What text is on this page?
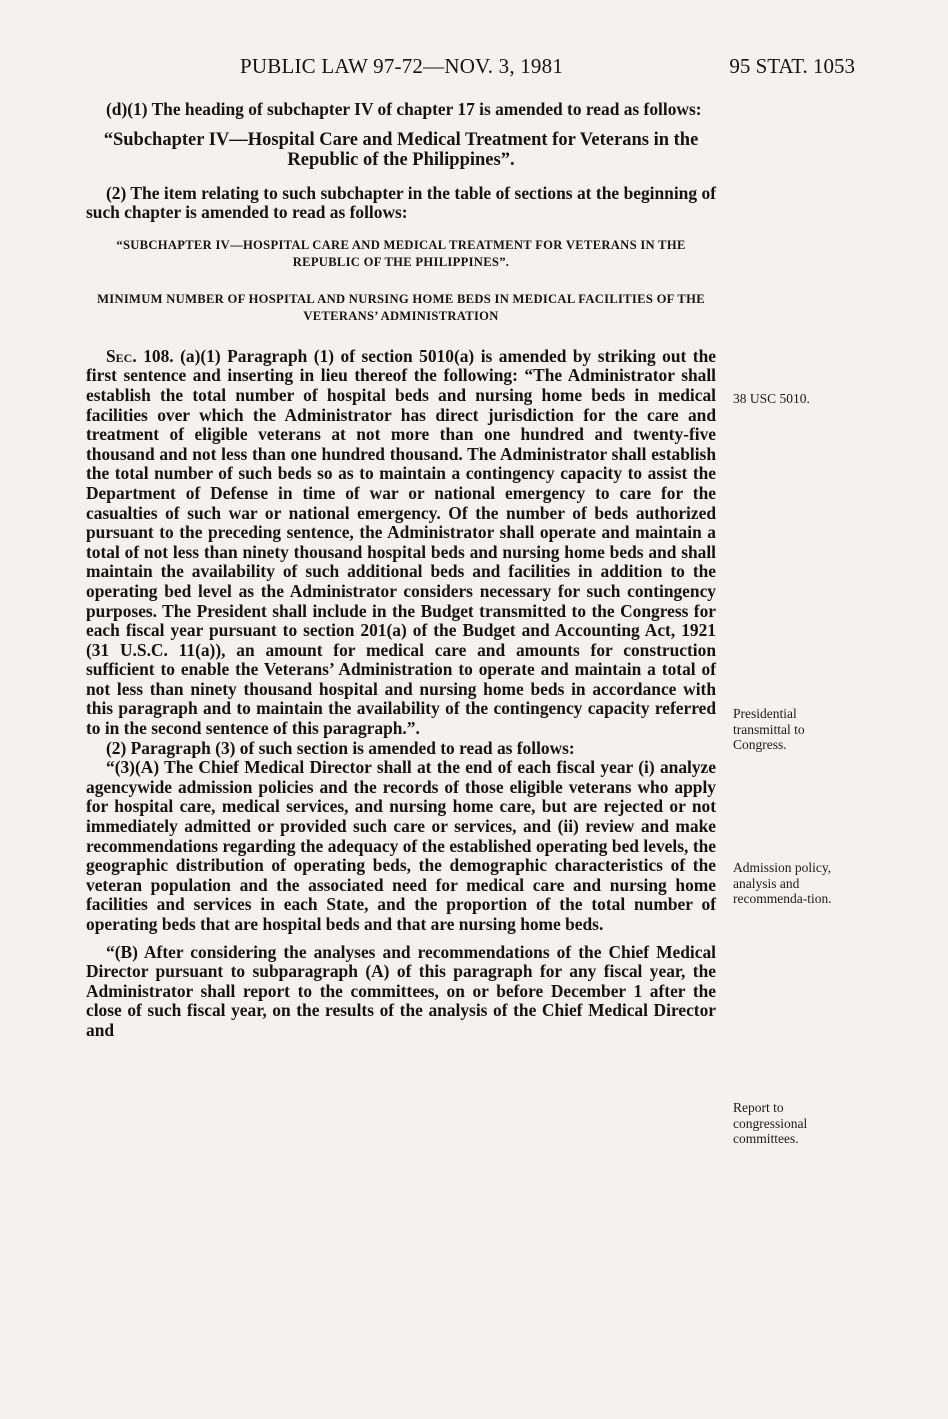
PUBLIC LAW 97-72—NOV. 3, 1981	95 STAT. 1053

(d)(1) The heading of subchapter IV of chapter 17 is amended to read as follows:

“Subchapter IV—Hospital Care and Medical Treatment for Veterans in the Republic of the Philippines”.

(2) The item relating to such subchapter in the table of sections at the beginning of such chapter is amended to read as follows:

“SUBCHAPTER IV—HOSPITAL CARE AND MEDICAL TREATMENT FOR VETERANS IN THE REPUBLIC OF THE PHILIPPINES”.

MINIMUM NUMBER OF HOSPITAL AND NURSING HOME BEDS IN MEDICAL FACILITIES OF THE VETERANS’ ADMINISTRATION

Sec. 108. (a)(1) Paragraph (1) of section 5010(a) is amended by striking out the first sentence and inserting in lieu thereof the following: “The Administrator shall establish the total number of hospital beds and nursing home beds in medical facilities over which the Administrator has direct jurisdiction for the care and treatment of eligible veterans at not more than one hundred and twenty-five thousand and not less than one hundred thousand. The Administrator shall establish the total number of such beds so as to maintain a contingency capacity to assist the Department of Defense in time of war or national emergency to care for the casualties of such war or national emergency. Of the number of beds authorized pursuant to the preceding sentence, the Administrator shall operate and maintain a total of not less than ninety thousand hospital beds and nursing home beds and shall maintain the availability of such additional beds and facilities in addition to the operating bed level as the Administrator considers necessary for such contingency purposes. The President shall include in the Budget transmitted to the Congress for each fiscal year pursuant to section 201(a) of the Budget and Accounting Act, 1921 (31 U.S.C. 11(a)), an amount for medical care and amounts for construction sufficient to enable the Veterans’ Administration to operate and maintain a total of not less than ninety thousand hospital and nursing home beds in accordance with this paragraph and to maintain the availability of the contingency capacity referred to in the second sentence of this paragraph.”.

(2) Paragraph (3) of such section is amended to read as follows:

“(3)(A) The Chief Medical Director shall at the end of each fiscal year (i) analyze agencywide admission policies and the records of those eligible veterans who apply for hospital care, medical services, and nursing home care, but are rejected or not immediately admitted or provided such care or services, and (ii) review and make recommendations regarding the adequacy of the established operating bed levels, the geographic distribution of operating beds, the demographic characteristics of the veteran population and the associated need for medical care and nursing home facilities and services in each State, and the proportion of the total number of operating beds that are hospital beds and that are nursing home beds.

“(B) After considering the analyses and recommendations of the Chief Medical Director pursuant to subparagraph (A) of this paragraph for any fiscal year, the Administrator shall report to the committees, on or before December 1 after the close of such fiscal year, on the results of the analysis of the Chief Medical Director and

38 USC 5010.
Presidential transmittal to Congress.
Admission policy, analysis and recommenda-tion.
Report to congressional committees.
